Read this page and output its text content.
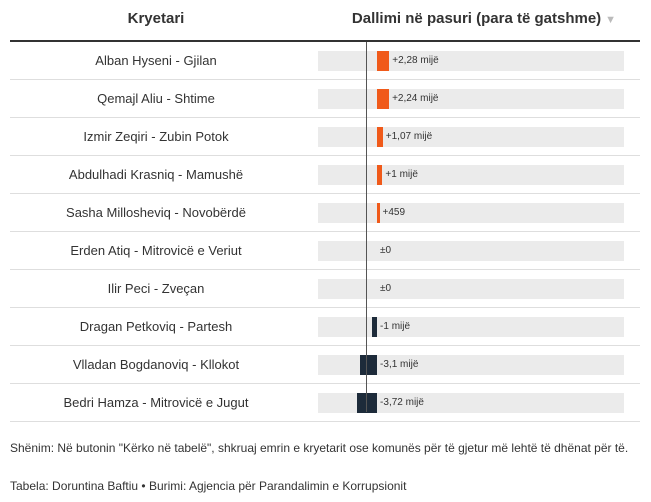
Kryetari	Dallimi në pasuri (para të gatshme) ▼
Alban Hyseni - Gjilan	+2,28 mijë
Qemajl Aliu - Shtime	+2,24 mijë
Izmir Zeqiri - Zubin Potok	+1,07 mijë
Abdulhadi Krasniq - Mamushë	+1 mijë
Sasha Millosheviq - Novobërdë	+459
Erden Atiq - Mitrovicë e Veriut	±0
Ilir Peci - Zveçan	±0
Dragan Petkoviq - Partesh	-1 mijë
Vlladan Bogdanoviq - Kllokot	-3,1 mijë
Bedri Hamza - Mitrovicë e Jugut	-3,72 mijë
Shënim: Në butonin "Kërko në tabelë", shkruaj emrin e kryetarit ose komunës për të gjetur më lehtë të dhënat për të.
Tabela: Doruntina Baftiu • Burimi: Agjencia për Parandalimin e Korrupsionit
